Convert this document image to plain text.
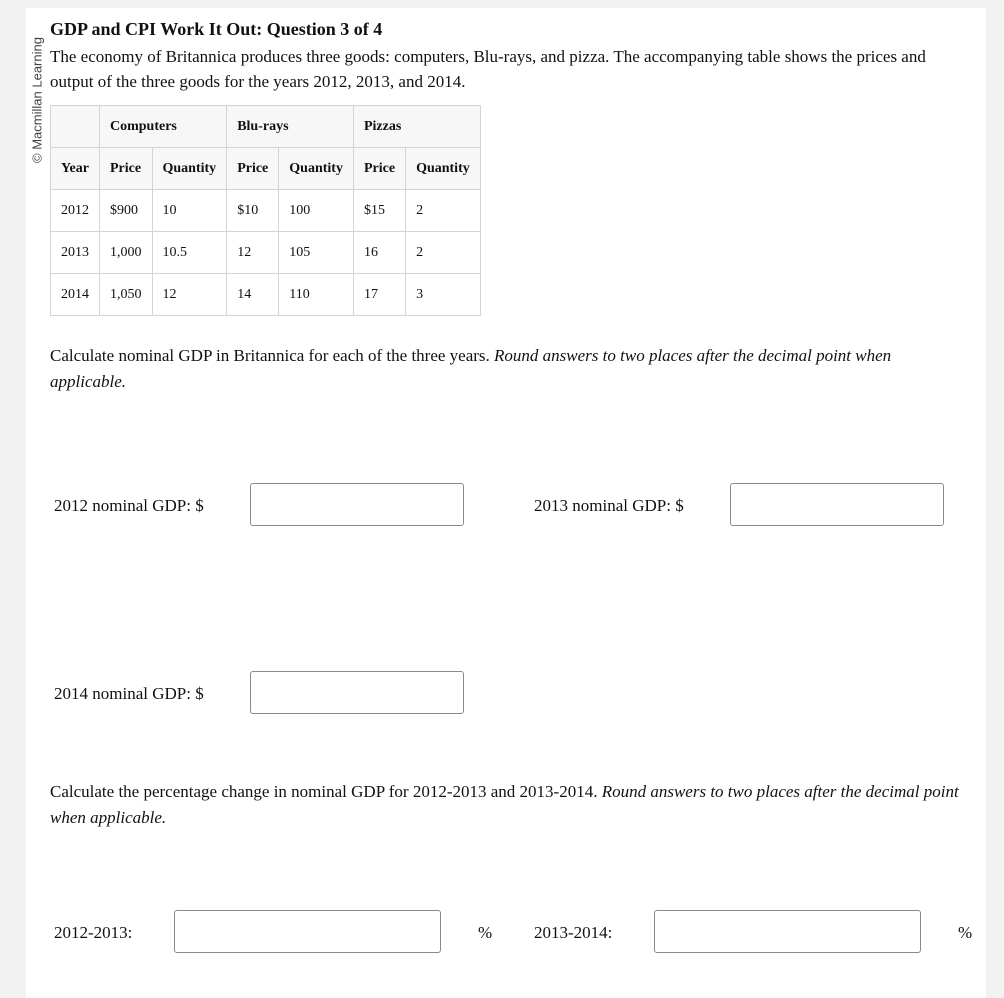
© Macmillan Learning
GDP and CPI Work It Out: Question 3 of 4

The economy of Britannica produces three goods: computers, Blu-rays, and pizza. The accompanying table shows the prices and output of the three goods for the years 2012, 2013, and 2014.

	Computers		Blu-rays		Pizzas	
Year	Price	Quantity	Price	Quantity	Price	Quantity
2012	$900	10	$10	100	$15	2
2013	1,000	10.5	12	105	16	2
2014	1,050	12	14	110	17	3

Calculate nominal GDP in Britannica for each of the three years. Round answers to two places after the decimal point when applicable.

2012 nominal GDP: $	2013 nominal GDP: $
2014 nominal GDP: $

Calculate the percentage change in nominal GDP for 2012-2013 and 2013-2014. Round answers to two places after the decimal point when applicable.

2012-2013:	% 2013-2014:	%
